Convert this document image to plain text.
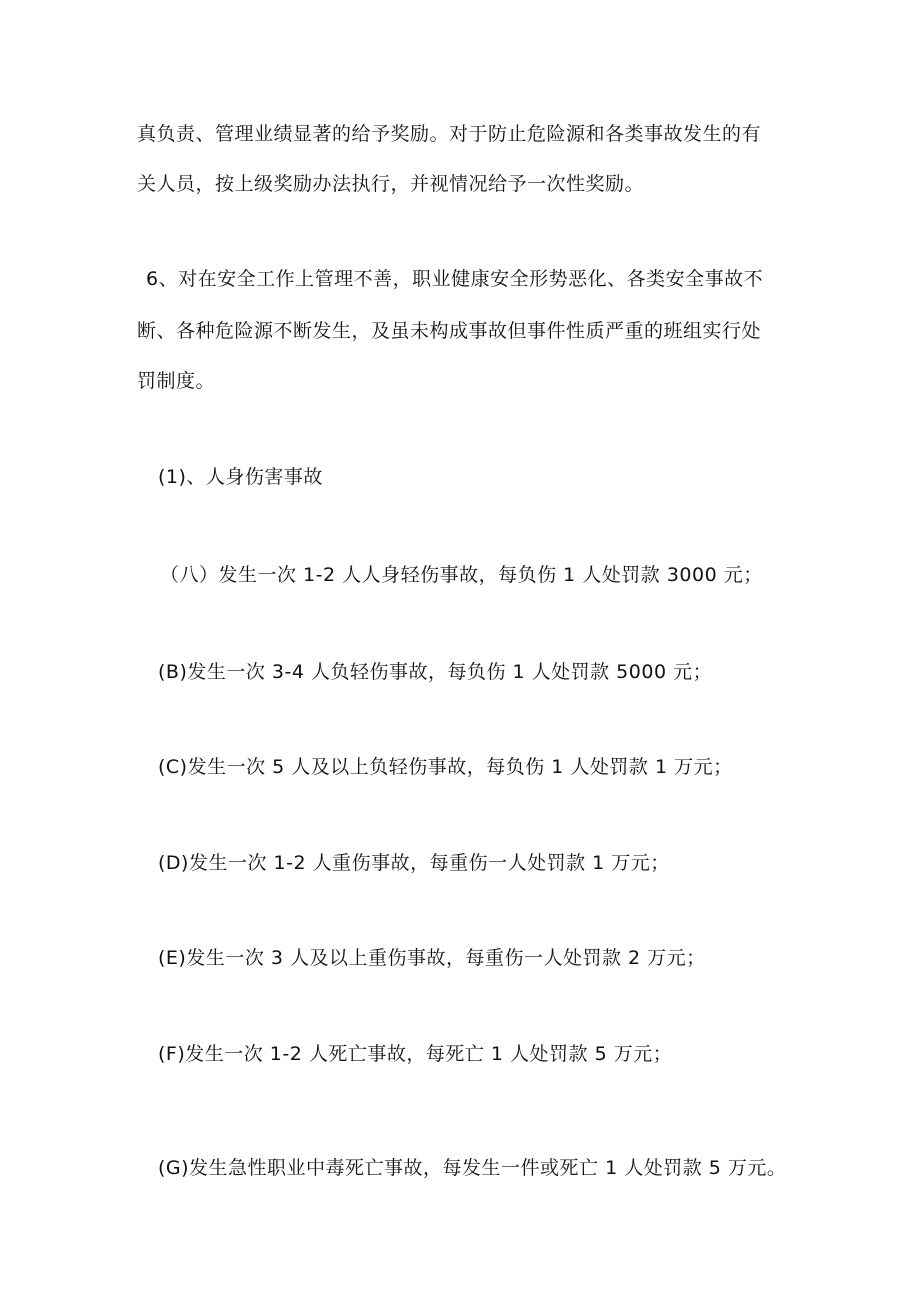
真负责、管理业绩显著的给予奖励。对于防止危险源和各类事故发生的有
关人员，按上级奖励办法执行，并视情况给予一次性奖励。
6、对在安全工作上管理不善，职业健康安全形势恶化、各类安全事故不
断、各种危险源不断发生，及虽未构成事故但事件性质严重的班组实行处
罚制度。
(1)、人身伤害事故
（八）发生一次 1-2 人人身轻伤事故，每负伤 1 人处罚款 3000 元；
(B)发生一次 3-4 人负轻伤事故，每负伤 1 人处罚款 5000 元；
(C)发生一次 5 人及以上负轻伤事故，每负伤 1 人处罚款 1 万元；
(D)发生一次 1-2 人重伤事故，每重伤一人处罚款 1 万元；
(E)发生一次 3 人及以上重伤事故，每重伤一人处罚款 2 万元；
(F)发生一次 1-2 人死亡事故，每死亡 1 人处罚款 5 万元；
(G)发生急性职业中毒死亡事故，每发生一件或死亡 1 人处罚款 5 万元。
